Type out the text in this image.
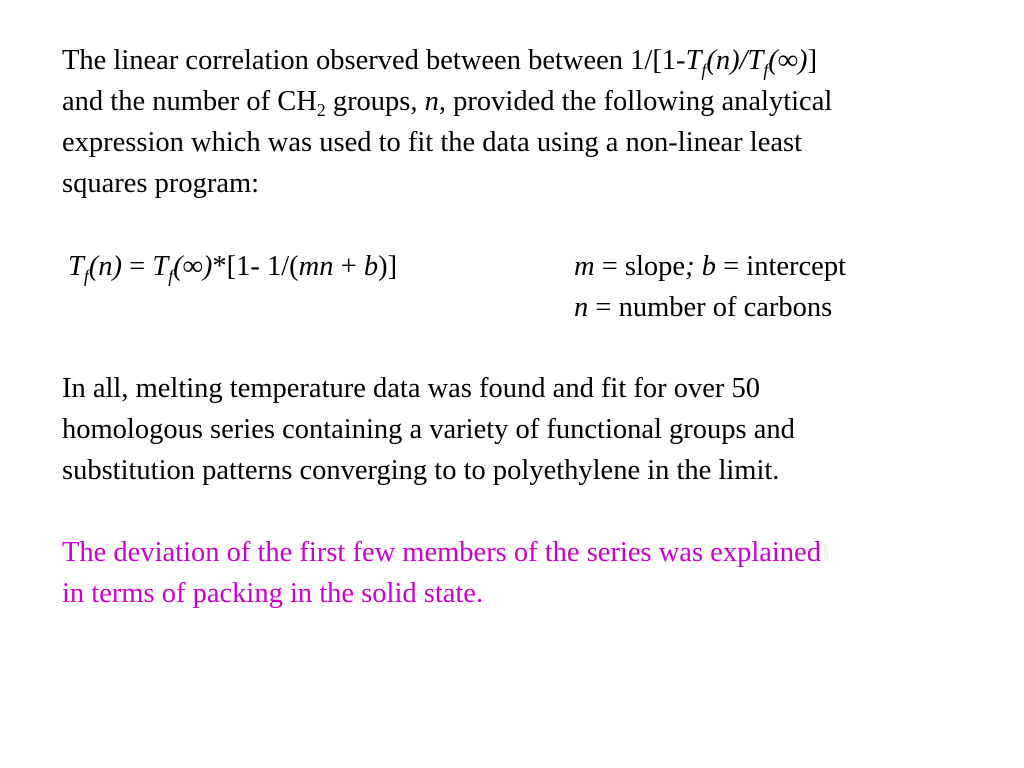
The linear correlation observed between between $1/[1-T_f(n)/T_f(\infty)]$
and the number of CH2 groups, n, provided the following analytical
expression which was used to fit the data using a non-linear least
squares program:
$T_f(n) = T_f(\infty)*[1-$ 1/(mn + b)]	m = slope; b = intercept
n = number of carbons
In all, melting temperature data was found and fit for over 50
homologous series containing a variety of functional groups and
substitution patterns converging to to polyethylene in the limit.
The deviation of the first few members of the series was explained
in terms of packing in the solid state.
